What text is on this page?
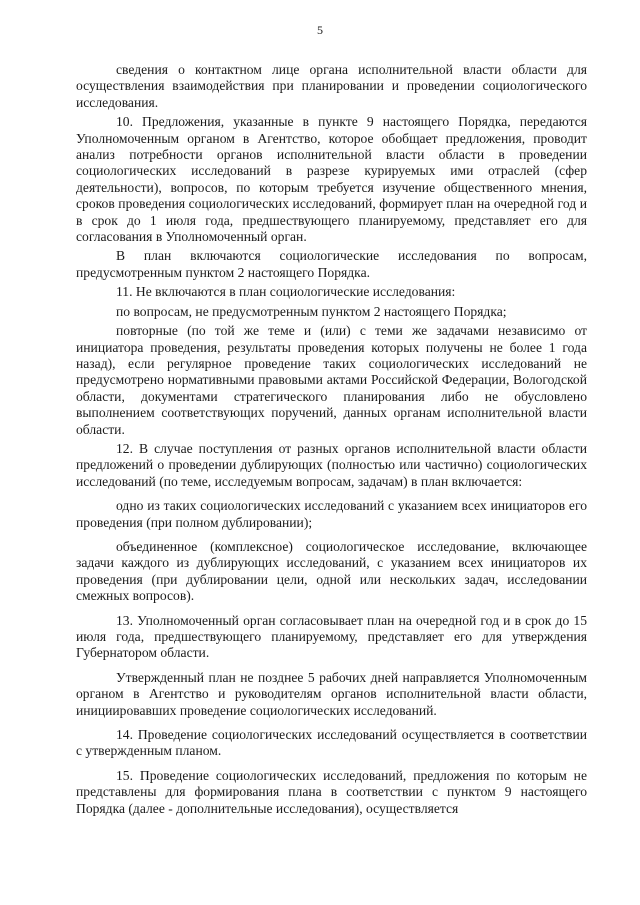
5

сведения о контактном лице органа исполнительной власти области для осуществления взаимодействия при планировании и проведении социологического исследования.

10. Предложения, указанные в пункте 9 настоящего Порядка, передаются Уполномоченным органом в Агентство, которое обобщает предложения, проводит анализ потребности органов исполнительной власти области в проведении социологических исследований в разрезе курируемых ими отраслей (сфер деятельности), вопросов, по которым требуется изучение общественного мнения, сроков проведения социологических исследований, формирует план на очередной год и в срок до 1 июля года, предшествующего планируемому, представляет его для согласования в Уполномоченный орган.

В план включаются социологические исследования по вопросам, предусмотренным пунктом 2 настоящего Порядка.

11. Не включаются в план социологические исследования:

по вопросам, не предусмотренным пунктом 2 настоящего Порядка;

повторные (по той же теме и (или) с теми же задачами независимо от инициатора проведения, результаты проведения которых получены не более 1 года назад), если регулярное проведение таких социологических исследований не предусмотрено нормативными правовыми актами Российской Федерации, Вологодской области, документами стратегического планирования либо не обусловлено выполнением соответствующих поручений, данных органам исполнительной власти области.

12. В случае поступления от разных органов исполнительной власти области предложений о проведении дублирующих (полностью или частично) социологических исследований (по теме, исследуемым вопросам, задачам) в план включается:

одно из таких социологических исследований с указанием всех инициаторов его проведения (при полном дублировании);

объединенное (комплексное) социологическое исследование, включающее задачи каждого из дублирующих исследований, с указанием всех инициаторов их проведения (при дублировании цели, одной или нескольких задач, исследовании смежных вопросов).

13. Уполномоченный орган согласовывает план на очередной год и в срок до 15 июля года, предшествующего планируемому, представляет его для утверждения Губернатором области.

Утвержденный план не позднее 5 рабочих дней направляется Уполномоченным органом в Агентство и руководителям органов исполнительной власти области, инициировавших проведение социологических исследований.

14. Проведение социологических исследований осуществляется в соответствии с утвержденным планом.

15. Проведение социологических исследований, предложения по которым не представлены для формирования плана в соответствии с пунктом 9 настоящего Порядка (далее - дополнительные исследования), осуществляется
